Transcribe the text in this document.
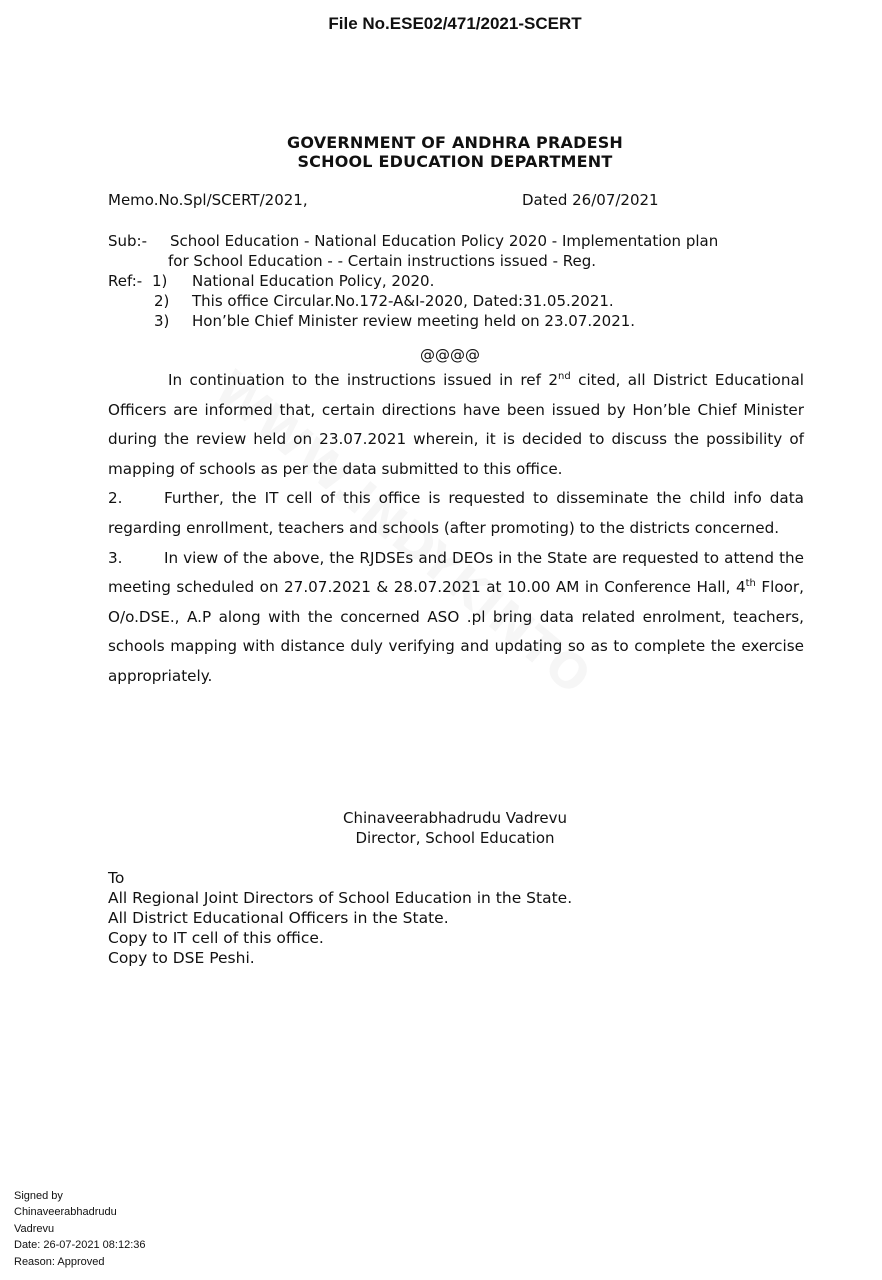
File No.ESE02/471/2021-SCERT
GOVERNMENT OF ANDHRA PRADESH
SCHOOL EDUCATION DEPARTMENT
Memo.No.Spl/SCERT/2021,	Dated 26/07/2021
Sub:- School Education - National Education Policy 2020 - Implementation plan
for School Education - - Certain instructions issued - Reg.
Ref:- 1)	National Education Policy, 2020.
2)	This office Circular.No.172-A&I-2020, Dated:31.05.2021.
3)	Hon’ble Chief Minister review meeting held on 23.07.2021.
@@@@

In continuation to the instructions issued in ref 2nd cited, all District Educational Officers are informed that, certain directions have been issued by Hon’ble Chief Minister during the review held on 23.07.2021 wherein, it is decided to discuss the possibility of mapping of schools as per the data submitted to this office.

2.	Further, the IT cell of this office is requested to disseminate the child info data regarding enrollment, teachers and schools (after promoting) to the districts concerned.

3.	In view of the above, the RJDSEs and DEOs in the State are requested to attend the meeting scheduled on 27.07.2021 & 28.07.2021 at 10.00 AM in Conference Hall, 4th Floor, O/o.DSE., A.P along with the concerned ASO .pl bring data related enrolment, teachers, schools mapping with distance duly verifying and updating so as to complete the exercise appropriately.

Chinaveerabhadrudu Vadrevu
Director, School Education
To
All Regional Joint Directors of School Education in the State.
All District Educational Officers in the State.
Copy to IT cell of this office.
Copy to DSE Peshi.
Signed by
Chinaveerabhadrudu
Vadrevu
Date: 26-07-2021 08:12:36
Reason: Approved
